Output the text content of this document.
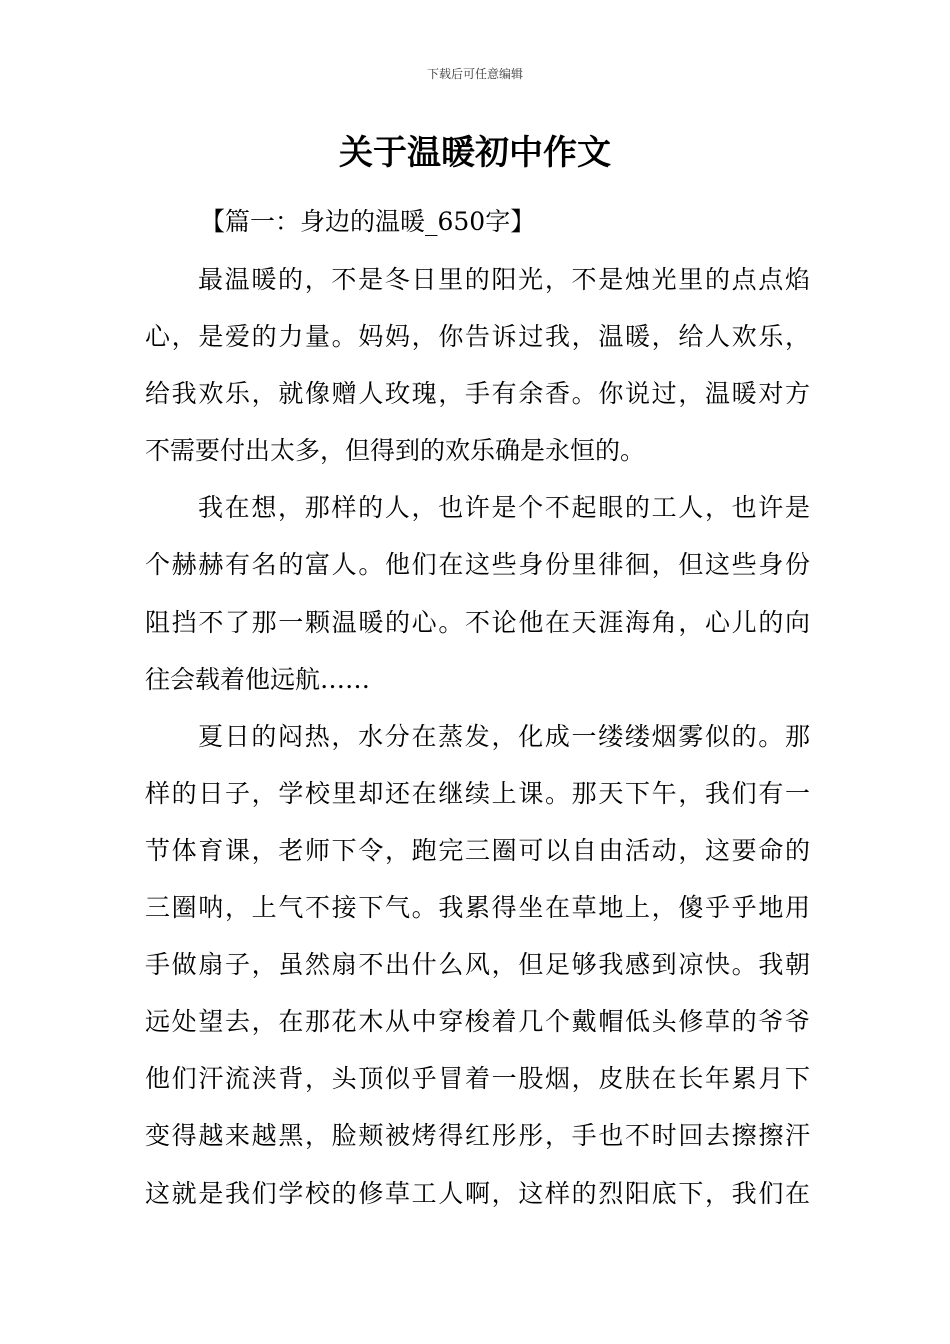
下载后可任意编辑
关于温暖初中作文
【篇一：身边的温暖_650字】
最温暖的，不是冬日里的阳光，不是烛光里的点点焰
心，是爱的力量。妈妈，你告诉过我，温暖，给人欢乐，
给我欢乐，就像赠人玫瑰，手有余香。你说过，温暖对方
不需要付出太多，但得到的欢乐确是永恒的。
我在想，那样的人，也许是个不起眼的工人，也许是
个赫赫有名的富人。他们在这些身份里徘徊，但这些身份
阻挡不了那一颗温暖的心。不论他在天涯海角，心儿的向
往会载着他远航……
夏日的闷热，水分在蒸发，化成一缕缕烟雾似的。那
样的日子，学校里却还在继续上课。那天下午，我们有一
节体育课，老师下令，跑完三圈可以自由活动，这要命的
三圈呐，上气不接下气。我累得坐在草地上，傻乎乎地用
手做扇子，虽然扇不出什么风，但足够我感到凉快。我朝
远处望去，在那花木从中穿梭着几个戴帽低头修草的爷爷
他们汗流浃背，头顶似乎冒着一股烟，皮肤在长年累月下
变得越来越黑，脸颊被烤得红彤彤，手也不时回去擦擦汗
这就是我们学校的修草工人啊，这样的烈阳底下，我们在
